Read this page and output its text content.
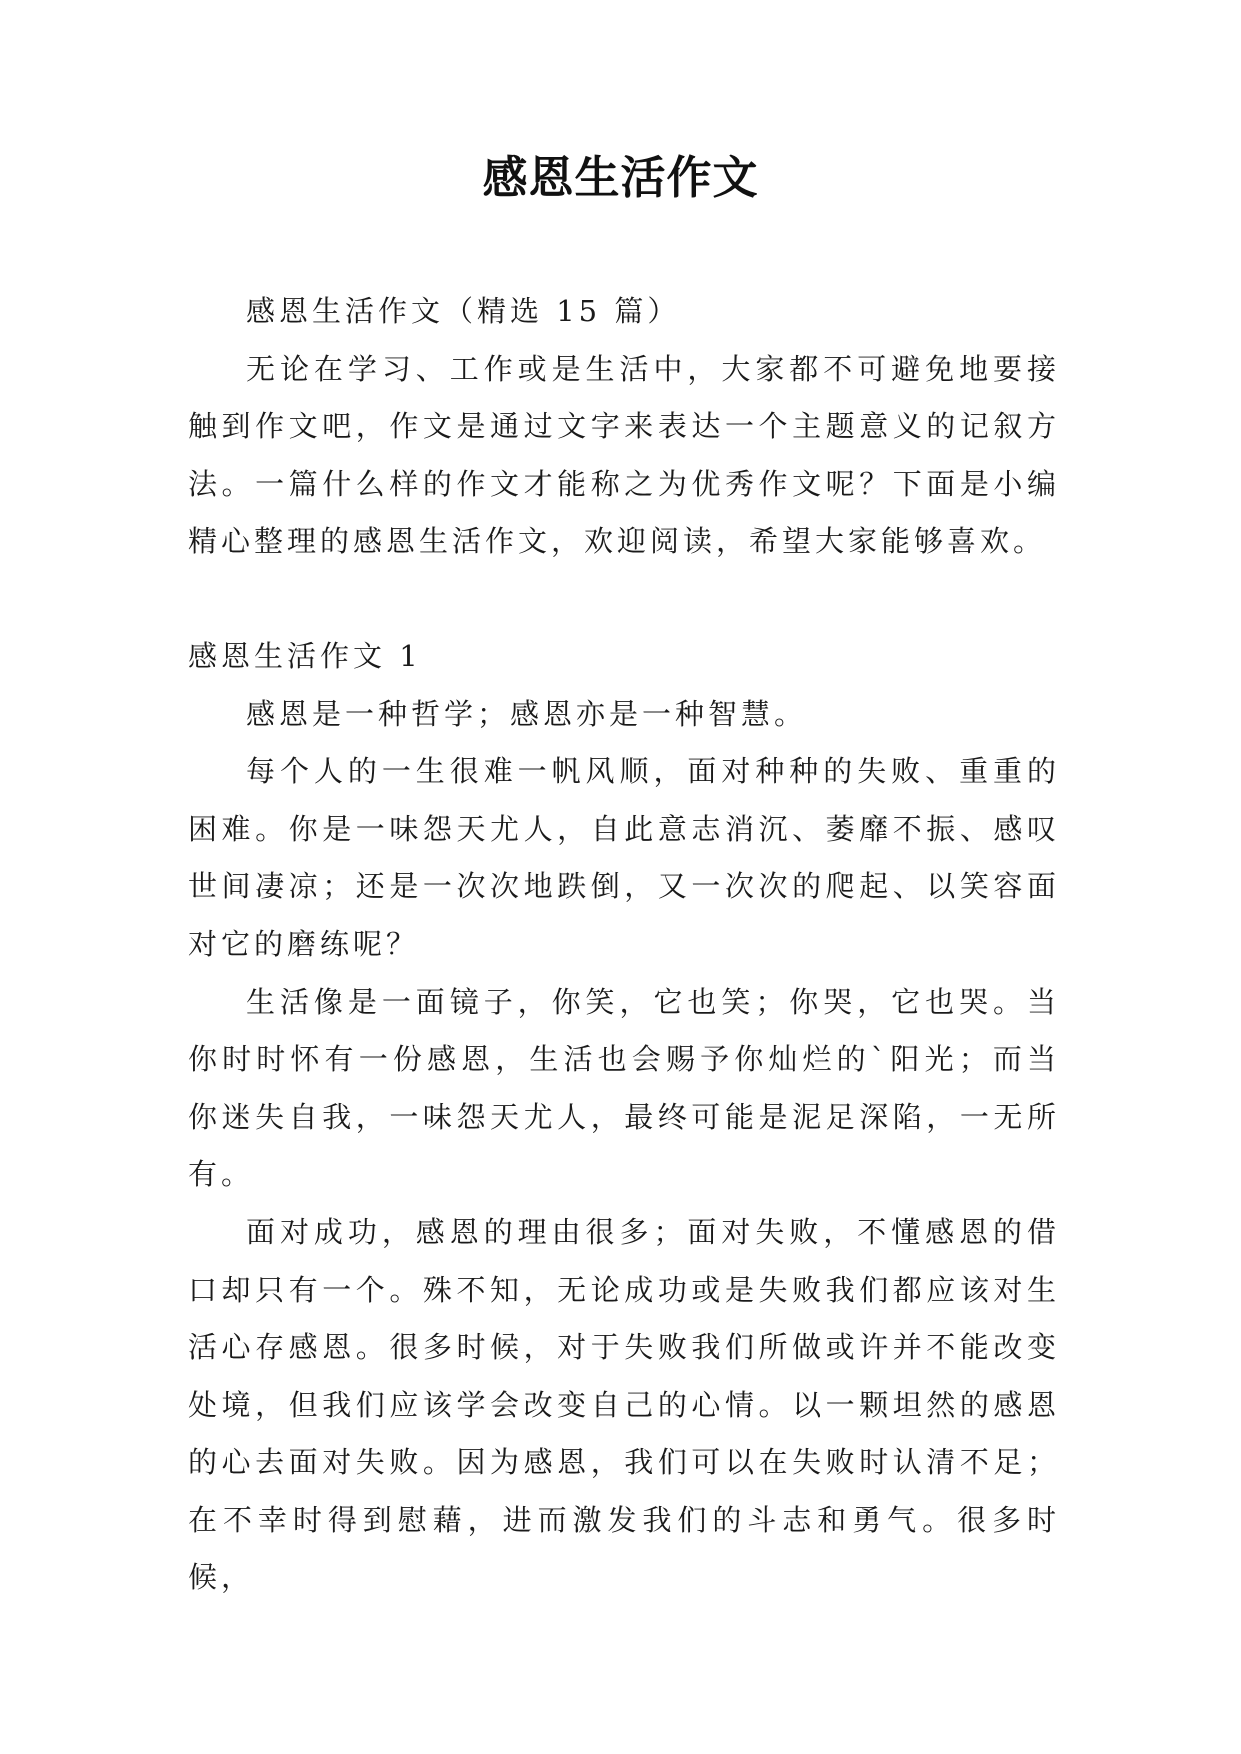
感恩生活作文

感恩生活作文（精选 15 篇）

无论在学习、工作或是生活中，大家都不可避免地要接触到作文吧，作文是通过文字来表达一个主题意义的记叙方法。一篇什么样的作文才能称之为优秀作文呢？下面是小编精心整理的感恩生活作文，欢迎阅读，希望大家能够喜欢。

感恩生活作文 1

感恩是一种哲学；感恩亦是一种智慧。

每个人的一生很难一帆风顺，面对种种的失败、重重的困难。你是一味怨天尤人，自此意志消沉、萎靡不振、感叹世间凄凉；还是一次次地跌倒，又一次次的爬起、以笑容面对它的磨练呢？

生活像是一面镜子，你笑，它也笑；你哭，它也哭。当你时时怀有一份感恩，生活也会赐予你灿烂的`阳光；而当你迷失自我，一味怨天尤人，最终可能是泥足深陷，一无所有。

面对成功，感恩的理由很多；面对失败，不懂感恩的借口却只有一个。殊不知，无论成功或是失败我们都应该对生活心存感恩。很多时候，对于失败我们所做或许并不能改变处境，但我们应该学会改变自己的心情。以一颗坦然的感恩的心去面对失败。因为感恩，我们可以在失败时认清不足；在不幸时得到慰藉，进而激发我们的斗志和勇气。很多时候，
